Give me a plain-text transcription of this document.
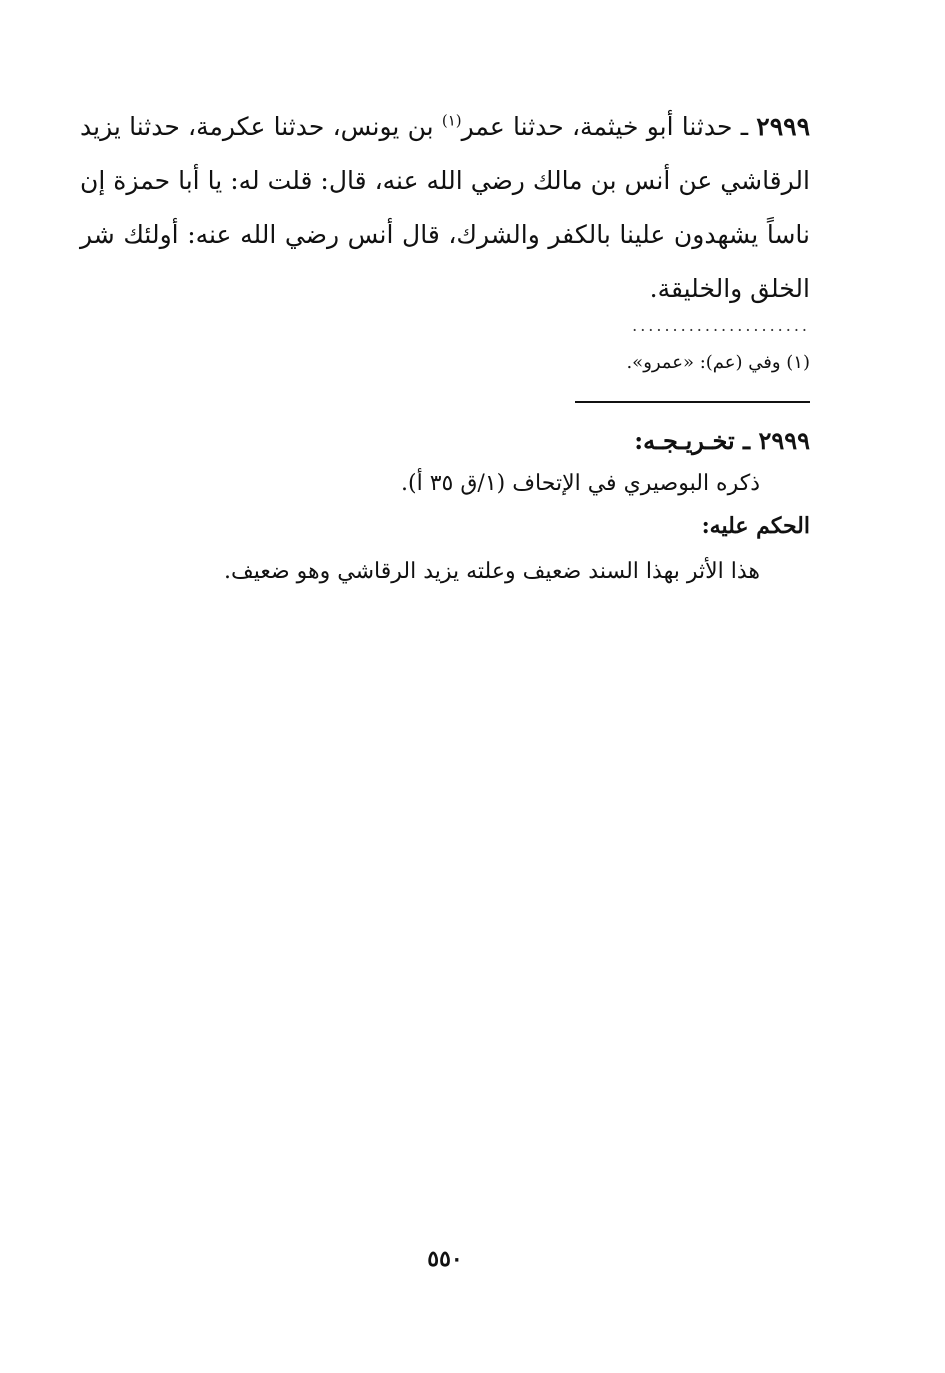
٢٩٩٩ ـ حدثنا أبو خيثمة، حدثنا عمر$^{(١)}$ بن يونس، حدثنا عكرمة، حدثنا يزيد الرقاشي عن أنس بن مالك رضي الله عنه، قال: قلت له: يا أبا حمزة إن ناساً يشهدون علينا بالكفر والشرك، قال أنس رضي الله عنه: أولئك شر الخلق والخليقة.

......................
(١) وفي (عم): «عمرو».
٢٩٩٩ ـ تخـريـجـه:
ذكره البوصيري في الإتحاف (١/ق ٣٥ أ).
الحكم عليه:
هذا الأثر بهذا السند ضعيف وعلته يزيد الرقاشي وهو ضعيف.
٥٥٠
